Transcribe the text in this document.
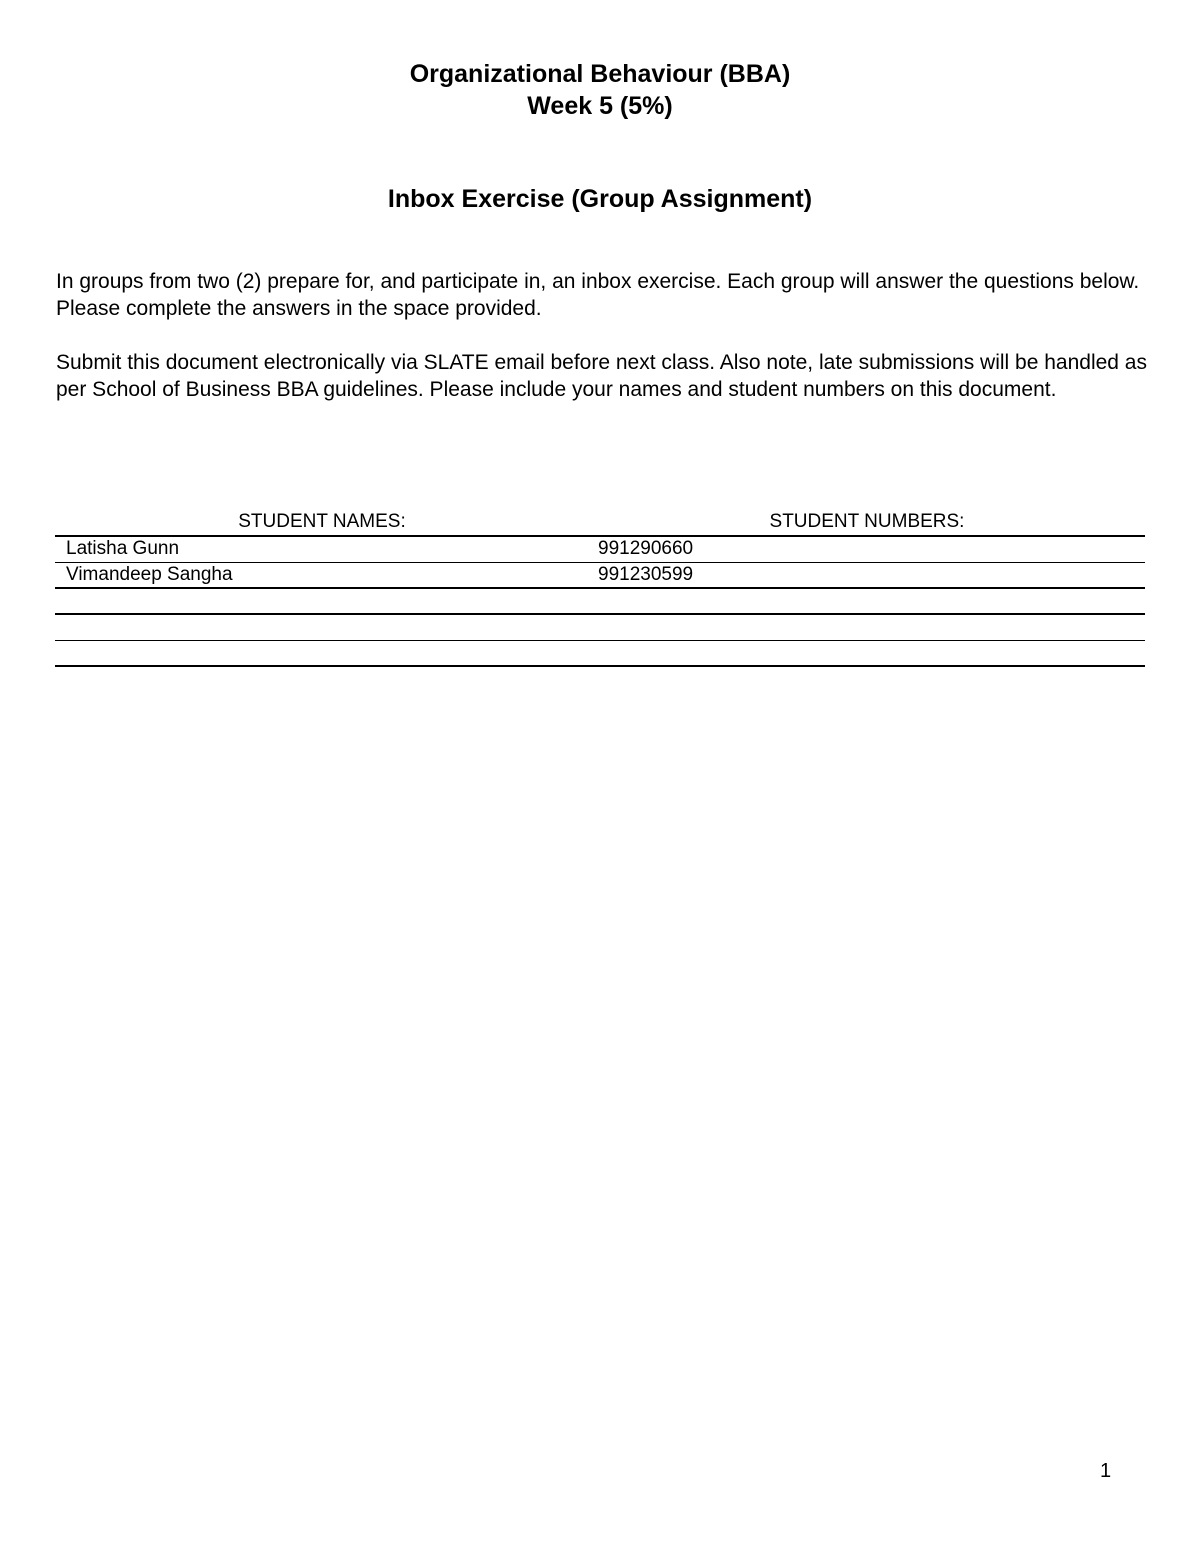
Organizational Behaviour (BBA)
Week 5 (5%)
Inbox Exercise (Group Assignment)

In groups from two (2) prepare for, and participate in, an inbox exercise. Each group will answer the questions below. Please complete the answers in the space provided.

Submit this document electronically via SLATE email before next class. Also note, late submissions will be handled as per School of Business BBA guidelines. Please include your names and student numbers on this document.

STUDENT NAMES:	STUDENT NUMBERS:
Latisha Gunn	991290660
Vimandeep Sangha	991230599
1
